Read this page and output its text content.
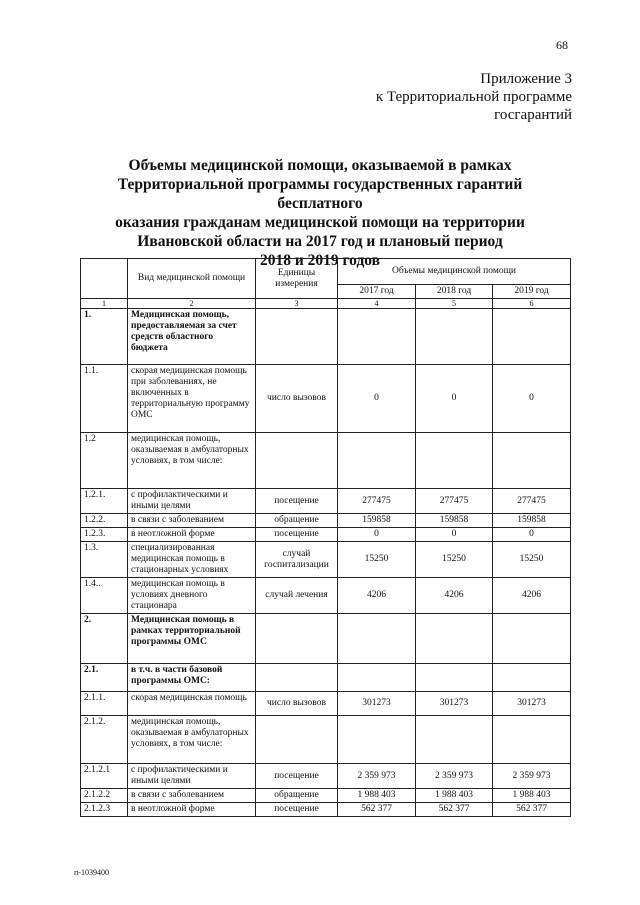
68
Приложение 3
к Территориальной программе
госгарантий
Объемы медицинской помощи, оказываемой в рамках
Территориальной программы государственных гарантий бесплатного
оказания гражданам медицинской помощи на территории
Ивановской области на 2017 год и плановый период
2018 и 2019 годов
	Вид медицинской помощи	Единицы измерения	Объемы медицинской помощи		
			2017 год	2018 год	2019 год
1	2	3	4	5	6
1.	Медицинская помощь, предоставляемая за счет средств областного бюджета				
1.1.	скорая медицинская помощь при заболеваниях, не включенных в территориальную программу ОМС	число вызовов	0	0	0
1.2	медицинская помощь, оказываемая в амбулаторных условиях, в том числе:				
1.2.1.	с профилактическими и иными целями	посещение	277475	277475	277475
1.2.2.	в связи с заболеванием	обращение	159858	159858	159858
1.2.3.	в неотложной форме	посещение	0	0	0
1.3.	специализированная медицинская помощь в стационарных условиях	случай госпитализации	15250	15250	15250
1.4..	медицинская помощь в условиях дневного стационара	случай лечения	4206	4206	4206
2.	Медицинская помощь в рамках территориальной программы ОМС				
2.1.	в т.ч. в части базовой программы ОМС:				
2.1.1.	скорая медицинская помощь	число вызовов	301273	301273	301273
2.1.2.	медицинская помощь, оказываемая в амбулаторных условиях, в том числе:				
2.1.2.1	с профилактическими и иными целями	посещение	2 359 973	2 359 973	2 359 973
2.1.2.2	в связи с заболеванием	обращение	1 988 403	1 988 403	1 988 403
2.1.2.3	в неотложной форме	посещение	562 377	562 377	562 377
п-1039400
